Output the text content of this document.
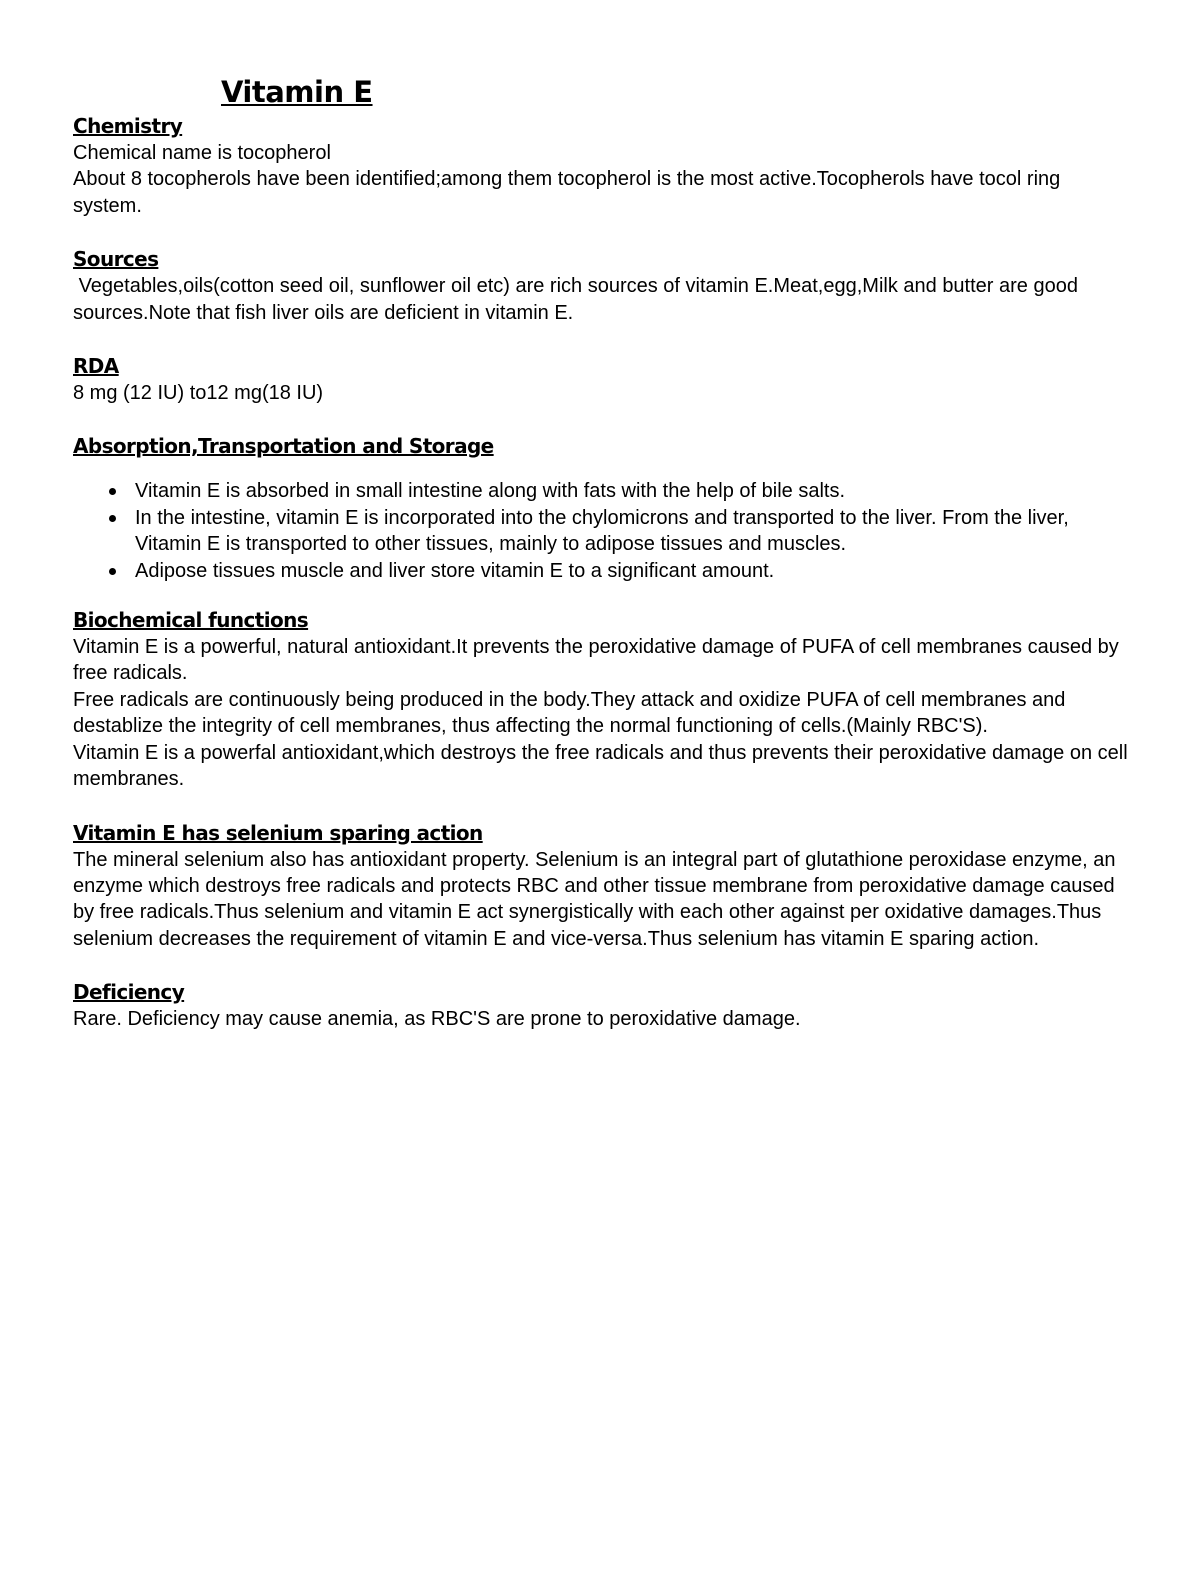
Vitamin E
Chemistry

Chemical name is tocopherol

About 8 tocopherols have been identified;among them tocopherol is the most active.Tocopherols have tocol ring system.

Sources

Vegetables,oils(cotton seed oil, sunflower oil etc) are rich sources of vitamin E.Meat,egg,Milk and butter are good sources.Note that fish liver oils are deficient in vitamin E.

RDA

8 mg (12 IU) to12 mg(18 IU)

Absorption,Transportation and Storage
Vitamin E is absorbed in small intestine along with fats with the help of bile salts.
In the intestine, vitamin E is incorporated into the chylomicrons and transported to the liver. From the liver, Vitamin E is transported to other tissues, mainly to adipose tissues and muscles.
Adipose tissues muscle and liver store vitamin E to a significant amount.
Biochemical functions

Vitamin E is a powerful, natural antioxidant.It prevents the peroxidative damage of PUFA of cell membranes caused by free radicals.

Free radicals are continuously being produced in the body.They attack and oxidize PUFA of cell membranes and destablize the integrity of cell membranes, thus affecting the normal functioning of cells.(Mainly RBC'S).

Vitamin E is a powerfal antioxidant,which destroys the free radicals and thus prevents their peroxidative damage on cell membranes.

Vitamin E has selenium sparing action

The mineral selenium also has antioxidant property. Selenium is an integral part of glutathione peroxidase enzyme, an enzyme which destroys free radicals and protects RBC and other tissue membrane from peroxidative damage caused by free radicals.Thus selenium and vitamin E act synergistically with each other against per oxidative damages.Thus selenium decreases the requirement of vitamin E and vice-versa.Thus selenium has vitamin E sparing action.

Deficiency

Rare. Deficiency may cause anemia, as RBC'S are prone to peroxidative damage.
